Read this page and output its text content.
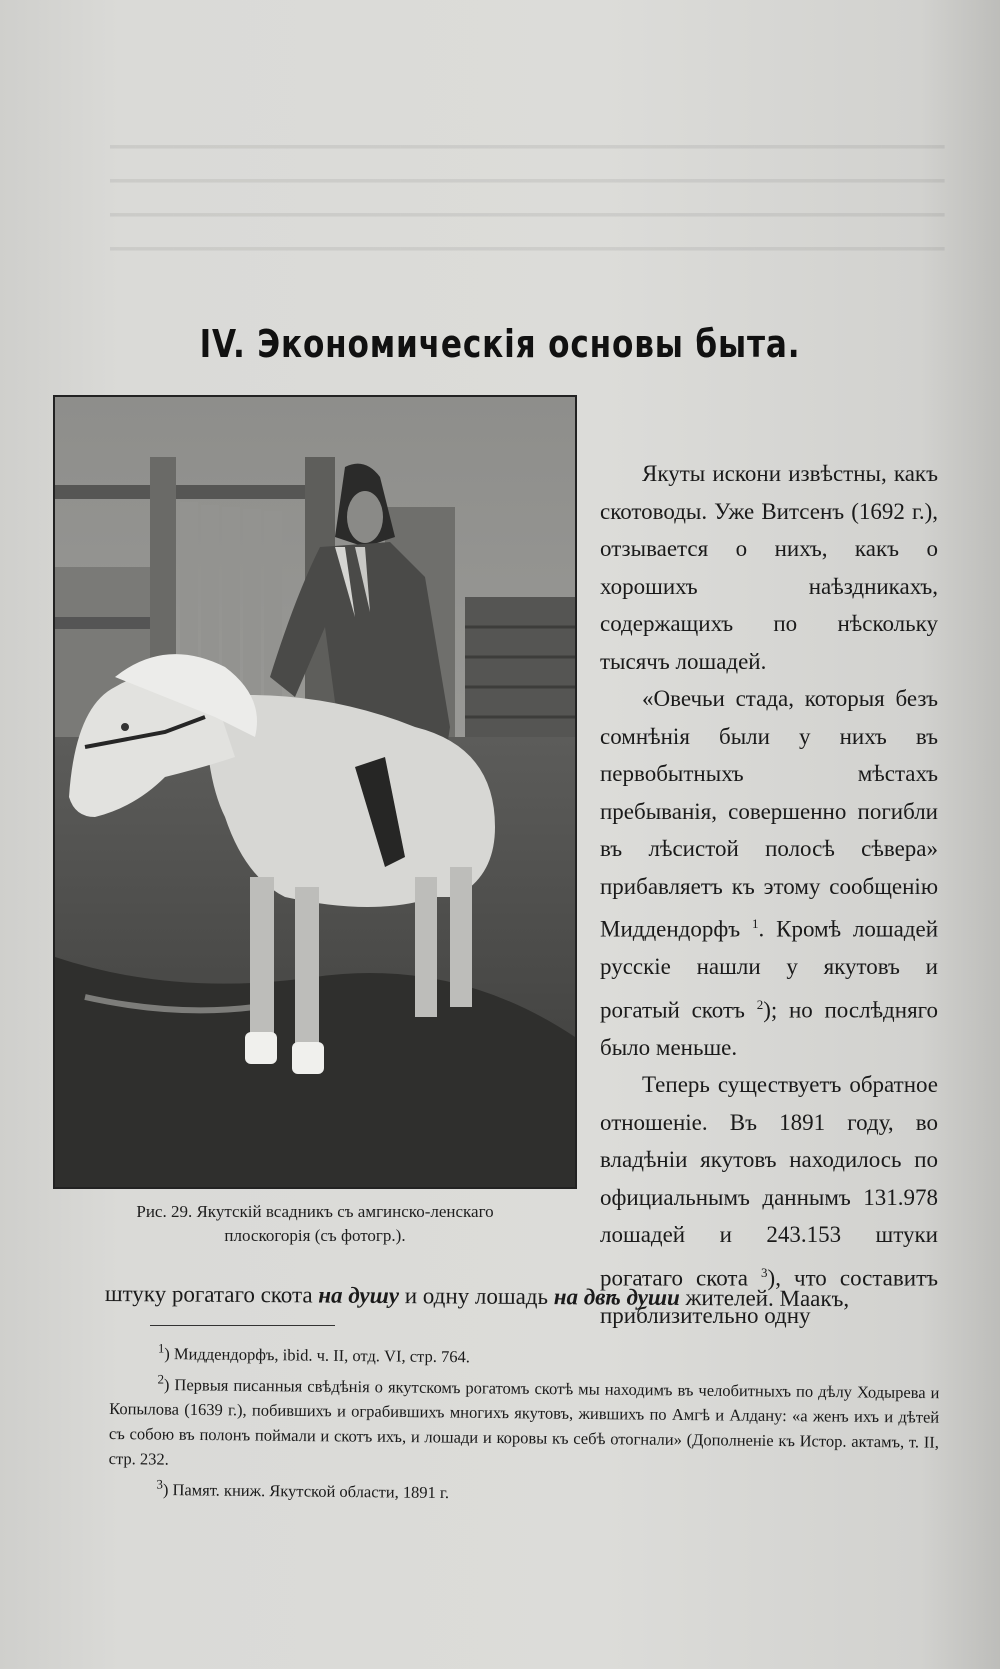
━━━━━━━━━━━━━━━━━━━━━━━━━━━━━━━━━━━━━━━━━━━━━━━━━━━━━━━━━━━━━━━━━━
━━━━━━━━━━━━━━━━━━━━━━━━━━━━━━━━━━━━━━━━━━━━━━━━━━━━━━━━━━━━━━━━━━
━━━━━━━━━━━━━━━━━━━━━━━━━━━━━━━━━━━━━━━━━━━━━━━━━━━━━━━━━━━━━━━━━━
━━━━━━━━━━━━━━━━━━━━━━━━━━━━━━━━━━━━━━━━━━━━━━━━━━━━━━━━━━━━━━━━━━
IV. Экономическія основы быта.
Рис. 29. Якутскій всадникъ съ амгинско-ленскаго
плоскогорія (съ фотогр.).

Якуты искони извѣстны, какъ скотоводы. Уже Витсенъ (1692 г.), отзывается о нихъ, какъ о хорошихъ наѣздникахъ, содержащихъ по нѣскольку тысячъ лошадей.

«Овечьи стада, которыя безъ сомнѣнія были у нихъ въ первобытныхъ мѣстахъ пребыванія, совершенно погибли въ лѣсистой полосѣ сѣвера» прибавляетъ къ этому сообщенію Миддендорфъ $^1$. Кромѣ лошадей русскіе нашли у якутовъ и рогатый скотъ $^2$); но послѣдняго было меньше.

Теперь существуетъ обратное отношеніе. Въ 1891 году, во владѣніи якутовъ находилось по официальнымъ даннымъ 131.978 лошадей и 243.153 штуки рогатаго скота $^3$), что составитъ приблизительно одну

штуку рогатаго скота на душу и одну лошадь на двѣ души жителей. Маакъ,

$^1$) Миддендорфъ, ibid. ч. II, отд. VI, стр. 764.

$^2$) Первыя писанныя свѣдѣнія о якутскомъ рогатомъ скотѣ мы находимъ въ челобитныхъ по дѣлу Ходырева и Копылова (1639 г.), побившихъ и ограбившихъ многихъ якутовъ, жившихъ по Амгѣ и Алдану: «а женъ ихъ и дѣтей съ собою въ полонъ поймали и скотъ ихъ, и лошади и коровы къ себѣ отогнали» (Дополненіе къ Истор. актамъ, т. II, стр. 232.

$^3$) Памят. книж. Якутской области, 1891 г.
